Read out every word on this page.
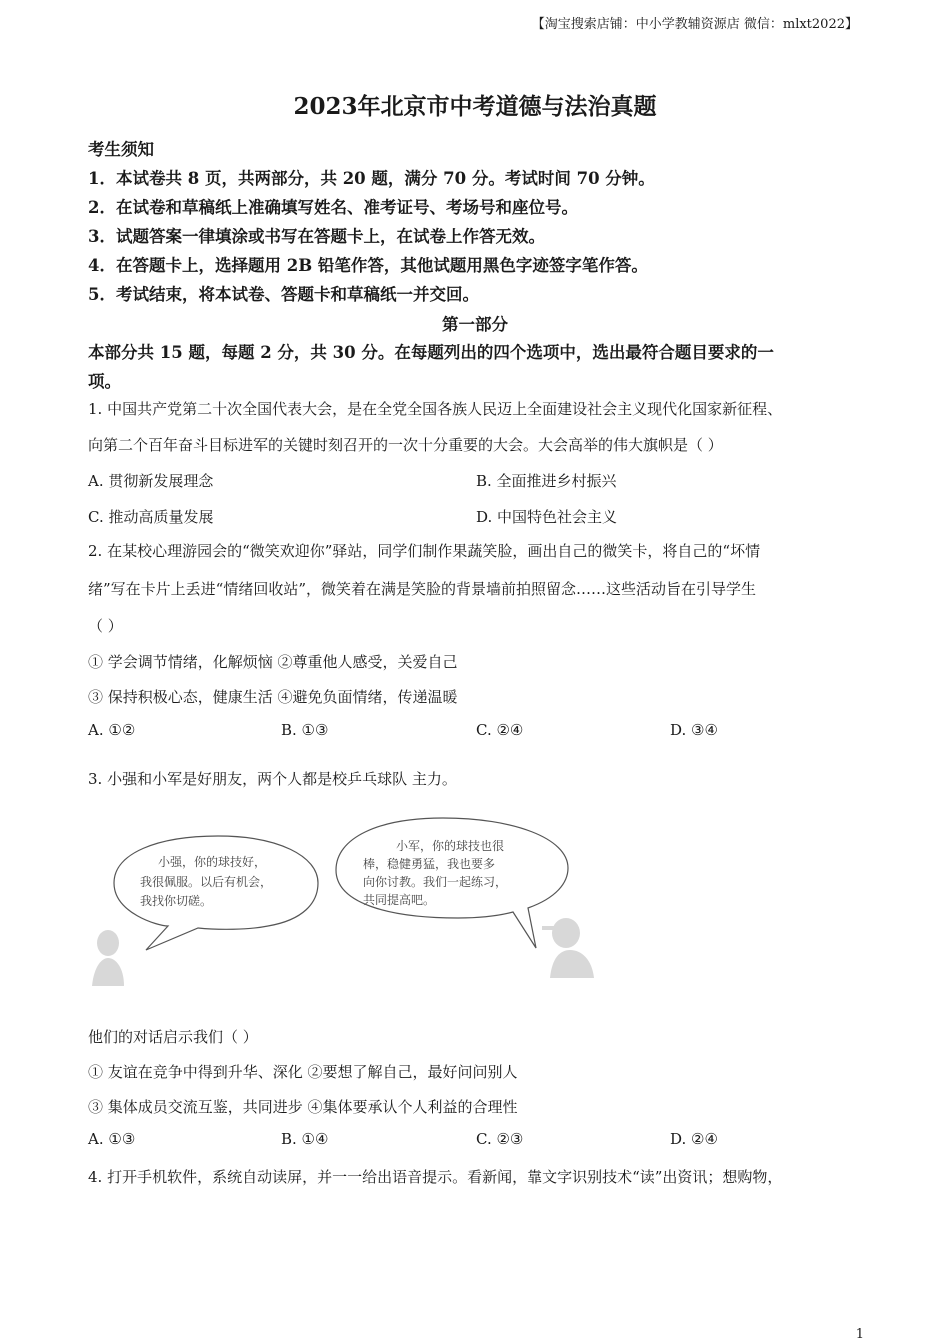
【淘宝搜索店铺：中小学教辅资源店 微信：mlxt2022】
2023年北京市中考道德与法治真题
考生须知
1．本试卷共 8 页，共两部分，共 20 题，满分 70 分。考试时间 70 分钟。
2．在试卷和草稿纸上准确填写姓名、准考证号、考场号和座位号。
3．试题答案一律填涂或书写在答题卡上，在试卷上作答无效。
4．在答题卡上，选择题用 2B 铅笔作答，其他试题用黑色字迹签字笔作答。
5．考试结束，将本试卷、答题卡和草稿纸一并交回。
第一部分
本部分共 15 题，每题 2 分，共 30 分。在每题列出的四个选项中，选出最符合题目要求的一
项。
1. 中国共产党第二十次全国代表大会，是在全党全国各族人民迈上全面建设社会主义现代化国家新征程、
向第二个百年奋斗目标进军的关键时刻召开的一次十分重要的大会。大会高举的伟大旗帜是（ ）
A. 贯彻新发展理念	B. 全面推进乡村振兴
C. 推动高质量发展	D. 中国特色社会主义
2. 在某校心理游园会的“微笑欢迎你”驿站，同学们制作果蔬笑脸，画出自己的微笑卡，将自己的“坏情
绪”写在卡片上丢进“情绪回收站”，微笑着在满是笑脸的背景墙前拍照留念……这些活动旨在引导学生
（ ）
① 学会调节情绪，化解烦恼 ②尊重他人感受，关爱自己
③ 保持积极心态，健康生活 ④避免负面情绪，传递温暖
A. ①②	B. ①③	C. ②④	D. ③④
3. 小强和小军是好朋友，两个人都是校乒乓球队 主力。
小强，你的球技好，
我很佩服。以后有机会，
我找你切磋。
小军，你的球技也很
棒，稳健勇猛，我也要多
向你讨教。我们一起练习，
共同提高吧。
他们的对话启示我们（ ）
① 友谊在竞争中得到升华、深化 ②要想了解自己，最好问问别人
③ 集体成员交流互鉴，共同进步 ④集体要承认个人利益的合理性
A. ①③	B. ①④	C. ②③	D. ②④
4. 打开手机软件，系统自动读屏，并一一给出语音提示。看新闻，靠文字识别技术“读”出资讯；想购物，
1
